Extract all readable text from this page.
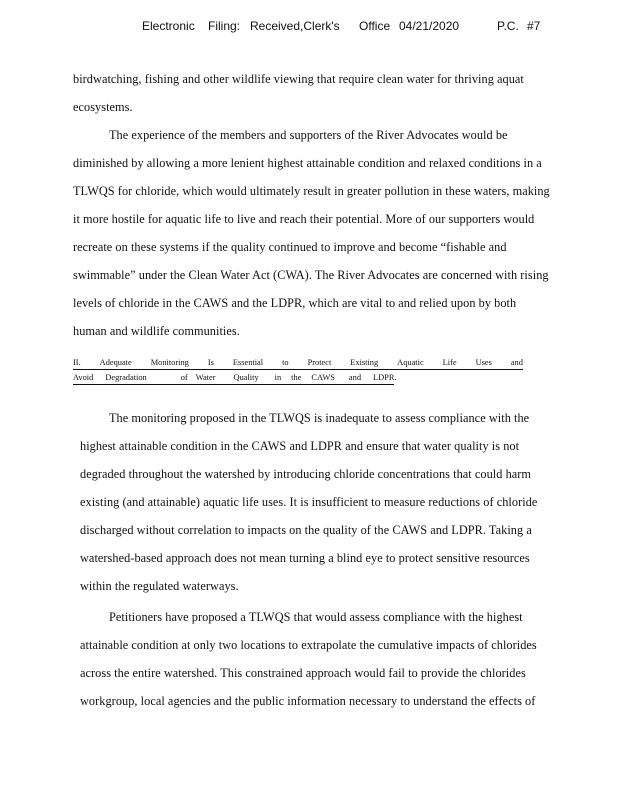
Electronic Filing: Received,Clerk's Office 04/21/2020	P.C. #7
birdwatching, fishing and other wildlife viewing that require clean water for thriving aquat
ecosystems.
The experience of the members and supporters of the River Advocates would be
diminished by allowing a more lenient highest attainable condition and relaxed conditions in a
TLWQS for chloride, which would ultimately result in greater pollution in these waters, making
it more hostile for aquatic life to live and reach their potential. More of our supporters would
recreate on these systems if the quality continued to improve and become “fishable and
swimmable” under the Clean Water Act (CWA). The River Advocates are concerned with rising
levels of chloride in the CAWS and the LDPR, which are vital to and relied upon by both
human and wildlife communities.
II. Adequate Monitoring Is Essential to Protect Existing Aquatic Life Uses and
Avoid Degradation	of Water Quality in the CAWS and LDPR.
The monitoring proposed in the TLWQS is inadequate to assess compliance with the
highest attainable condition in the CAWS and LDPR and ensure that water quality is not
degraded throughout the watershed by introducing chloride concentrations that could harm
existing (and attainable) aquatic life uses. It is insufficient to measure reductions of chloride
discharged without correlation to impacts on the quality of the CAWS and LDPR. Taking a
watershed-based approach does not mean turning a blind eye to protect sensitive resources
within the regulated waterways.
Petitioners have proposed a TLWQS that would assess compliance with the highest
attainable condition at only two locations to extrapolate the cumulative impacts of chlorides
across the entire watershed. This constrained approach would fail to provide the chlorides
workgroup, local agencies and the public information necessary to understand the effects of
